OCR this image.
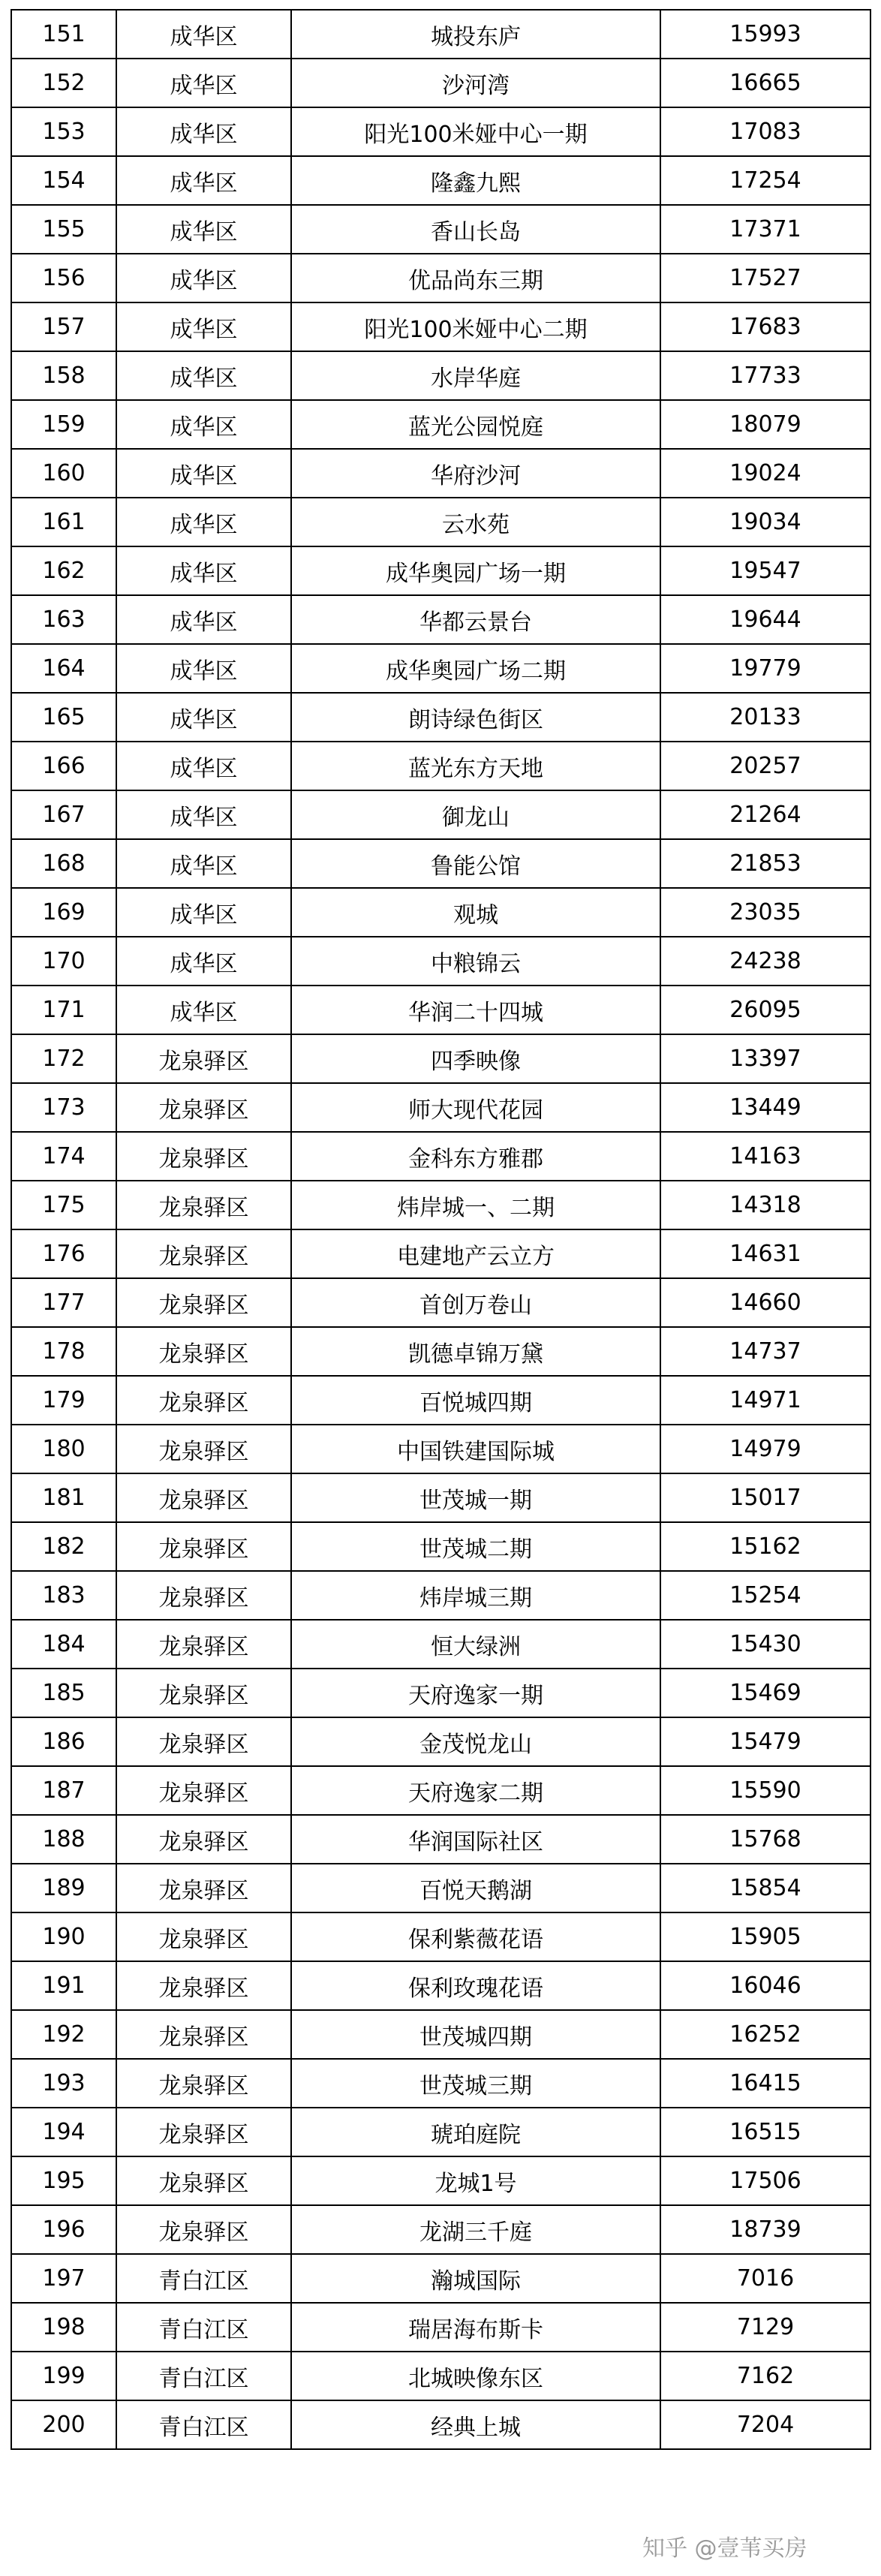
151	成华区	城投东庐	15993
152	成华区	沙河湾	16665
153	成华区	阳光100米娅中心一期	17083
154	成华区	隆鑫九熙	17254
155	成华区	香山长岛	17371
156	成华区	优品尚东三期	17527
157	成华区	阳光100米娅中心二期	17683
158	成华区	水岸华庭	17733
159	成华区	蓝光公园悦庭	18079
160	成华区	华府沙河	19024
161	成华区	云水苑	19034
162	成华区	成华奥园广场一期	19547
163	成华区	华都云景台	19644
164	成华区	成华奥园广场二期	19779
165	成华区	朗诗绿色街区	20133
166	成华区	蓝光东方天地	20257
167	成华区	御龙山	21264
168	成华区	鲁能公馆	21853
169	成华区	观城	23035
170	成华区	中粮锦云	24238
171	成华区	华润二十四城	26095
172	龙泉驿区	四季映像	13397
173	龙泉驿区	师大现代花园	13449
174	龙泉驿区	金科东方雅郡	14163
175	龙泉驿区	炜岸城一、二期	14318
176	龙泉驿区	电建地产云立方	14631
177	龙泉驿区	首创万卷山	14660
178	龙泉驿区	凯德卓锦万黛	14737
179	龙泉驿区	百悦城四期	14971
180	龙泉驿区	中国铁建国际城	14979
181	龙泉驿区	世茂城一期	15017
182	龙泉驿区	世茂城二期	15162
183	龙泉驿区	炜岸城三期	15254
184	龙泉驿区	恒大绿洲	15430
185	龙泉驿区	天府逸家一期	15469
186	龙泉驿区	金茂悦龙山	15479
187	龙泉驿区	天府逸家二期	15590
188	龙泉驿区	华润国际社区	15768
189	龙泉驿区	百悦天鹅湖	15854
190	龙泉驿区	保利紫薇花语	15905
191	龙泉驿区	保利玫瑰花语	16046
192	龙泉驿区	世茂城四期	16252
193	龙泉驿区	世茂城三期	16415
194	龙泉驿区	琥珀庭院	16515
195	龙泉驿区	龙城1号	17506
196	龙泉驿区	龙湖三千庭	18739
197	青白江区	瀚城国际	7016
198	青白江区	瑞居海布斯卡	7129
199	青白江区	北城映像东区	7162
200	青白江区	经典上城	7204
知乎 @壹苇买房
